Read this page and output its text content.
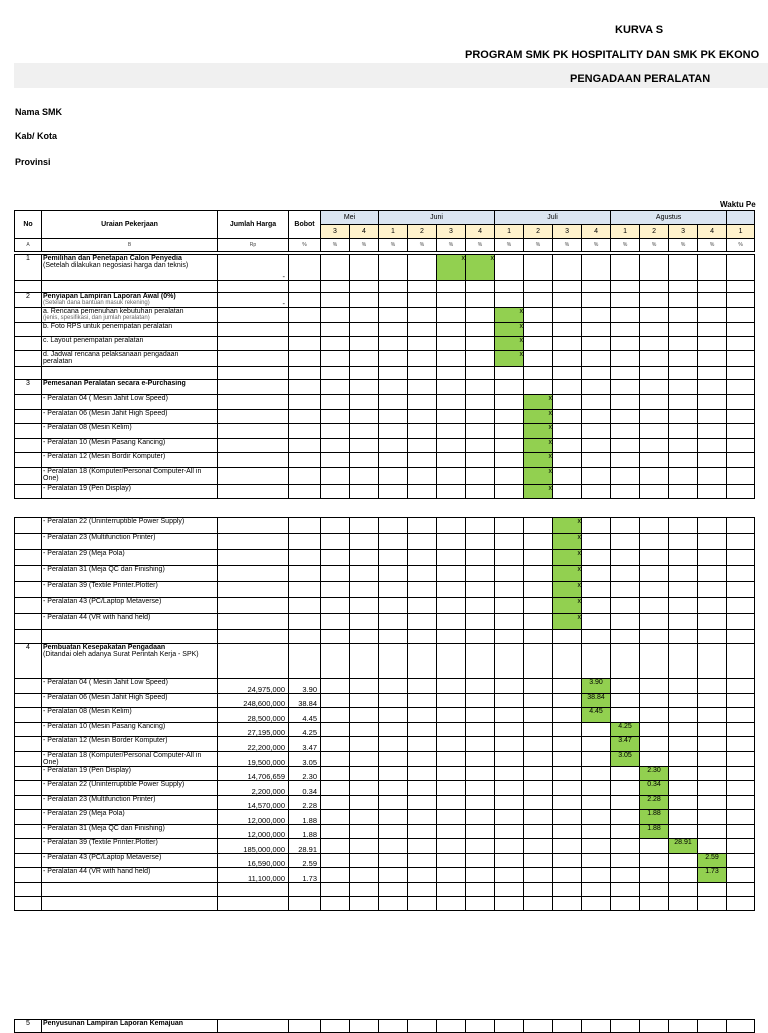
KURVA S
PROGRAM SMK PK HOSPITALITY DAN SMK PK EKONO
PENGADAAN PERALATAN
Nama SMK
Kab/ Kota
Provinsi
Waktu Pe
No	Uraian Pekerjaan	Jumlah Harga	Bobot	Mei		Juni				Juli				Agustus				
				3	4	1	2	3	4	1	2	3	4	1	2	3	4	1
A	B	Rp	%	%	%	%	%	%	%	%	%	%	%	%	%	%	%	%
1	Pemilihan dan Penetapan Calon Penyedia
(Setelah dilakukan negosiasi harga dan teknis)	-						x	x									

2	Penyiapan Lampiran Laporan Awal (0%)
(Setelah dana bantuan masuk rekening)	-																

	a. Rencana pemenuhan kebutuhan peralatan
(jenis, spesifikasi, dan jumlah peralatan)									x								

	b. Foto RPS untuk penempatan peralatan									x								

	c. Layout penempatan peralatan									x								

	d. Jadwal rencana pelaksanaan pengadaan
peralatan									x								

3	Pemesanan Peralatan secara e-Purchasing																	

	- Peralatan 04 ( Mesin Jahit Low Speed)										x							

	- Peralatan 06 (Mesin Jahit High Speed)										x							

	- Peralatan 08 (Mesin Kelim)										x							

	- Peralatan 10 (Mesin Pasang Kancing)										x							

	- Peralatan 12 (Mesin Bordir Komputer)										x							

	- Peralatan 18 (Komputer/Personal Computer-All in
One)										x							

	- Peralatan 19 (Pen Display)										x							

	- Peralatan 22 (Uninterruptible Power Supply)											x						

	- Peralatan 23 (Multifunction Printer)											x						

	- Peralatan 29 (Meja Pola)											x						

	- Peralatan 31 (Meja QC dan Finishing)											x						

	- Peralatan 39 (Textile Printer.Plotter)											x						

	- Peralatan 43 (PC/Laptop Metaverse)											x						

	- Peralatan 44 (VR with hand held)											x						

4	Pembuatan Kesepakatan Pengadaan
(Ditandai oleh adanya Surat Perintah Kerja - SPK)																	

	- Peralatan 04 ( Mesin Jahit Low Speed)	24,975,000	3.90										3.90					

	- Peralatan 06 (Mesin Jahit High Speed)	248,600,000	38.84										38.84					

	- Peralatan 08 (Mesin Kelim)	28,500,000	4.45										4.45					

	- Peralatan 10 (Mesin Pasang Kancing)	27,195,000	4.25											4.25				

	- Peralatan 12 (Mesin Border Komputer)	22,200,000	3.47											3.47				

	- Peralatan 18 (Komputer/Personal Computer-All in
One)	19,500,000	3.05											3.05				

	- Peralatan 19 (Pen Display)	14,706,659	2.30												2.30			

	- Peralatan 22 (Uninterruptible Power Supply)	2,200,000	0.34												0.34			

	- Peralatan 23 (Multifunction Printer)	14,570,000	2.28												2.28			

	- Peralatan 29 (Meja Pola)	12,000,000	1.88												1.88			

	- Peralatan 31 (Meja QC dan Finishing)	12,000,000	1.88												1.88			

	- Peralatan 39 (Textile Printer.Plotter)	185,000,000	28.91													28.91		

	- Peralatan 43 (PC/Laptop Metaverse)	16,590,000	2.59														2.59	

	- Peralatan 44 (VR with hand held)	11,100,000	1.73														1.73	

5	Penyusunan Lampiran Laporan Kemajuan
